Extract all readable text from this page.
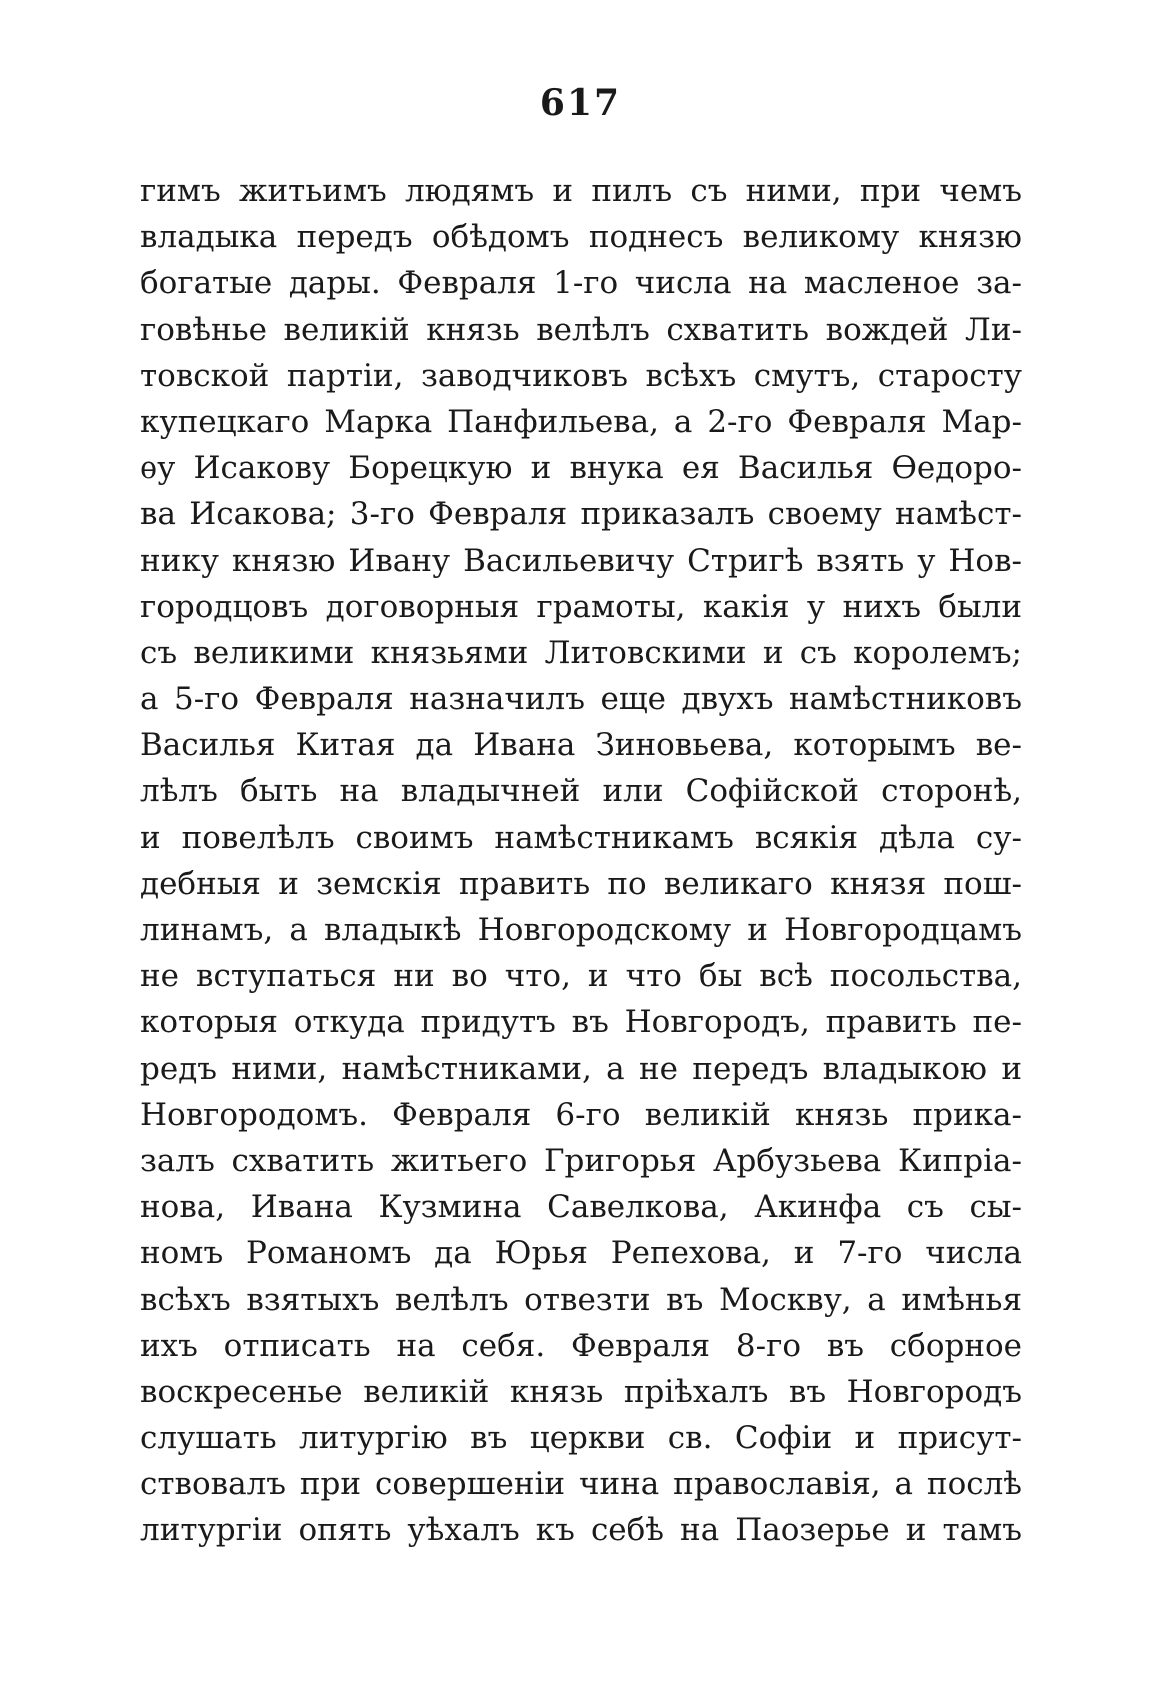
617
гимъ житьимъ людямъ и пилъ съ ними, при чемъ
владыка передъ обѣдомъ поднесъ великому князю
богатые дары. Февраля 1-го числа на масленое за-
говѣнье великій князь велѣлъ схватить вождей Ли-
товской партіи, заводчиковъ всѣхъ смутъ, старосту
купецкаго Марка Панфильева, а 2-го Февраля Мар-
ѳу Исакову Борецкую и внука ея Василья Ѳедоро-
ва Исакова; 3-го Февраля приказалъ своему намѣст-
нику князю Ивану Васильевичу Стригѣ взять у Нов-
городцовъ договорныя грамоты, какія у нихъ были
съ великими князьями Литовскими и съ королемъ;
а 5-го Февраля назначилъ еще двухъ намѣстниковъ
Василья Китая да Ивана Зиновьева, которымъ ве-
лѣлъ быть на владычней или Софійской сторонѣ,
и повелѣлъ своимъ намѣстникамъ всякія дѣла су-
дебныя и земскія править по великаго князя пош-
линамъ, а владыкѣ Новгородскому и Новгородцамъ
не вступаться ни во что, и что бы всѣ посольства,
которыя откуда придутъ въ Новгородъ, править пе-
редъ ними, намѣстниками, а не передъ владыкою и
Новгородомъ. Февраля 6-го великій князь прика-
залъ схватить житьего Григорья Арбузьева Кипріа-
нова, Ивана Кузмина Савелкова, Акинфа съ сы-
номъ Романомъ да Юрья Репехова, и 7-го числа
всѣхъ взятыхъ велѣлъ отвезти въ Москву, а имѣнья
ихъ отписать на себя. Февраля 8-го въ сборное
воскресенье великій князь пріѣхалъ въ Новгородъ
слушать литургію въ церкви св. Софіи и присут-
ствовалъ при совершеніи чина православія, а послѣ
литургіи опять уѣхалъ къ себѣ на Паозерье и тамъ
